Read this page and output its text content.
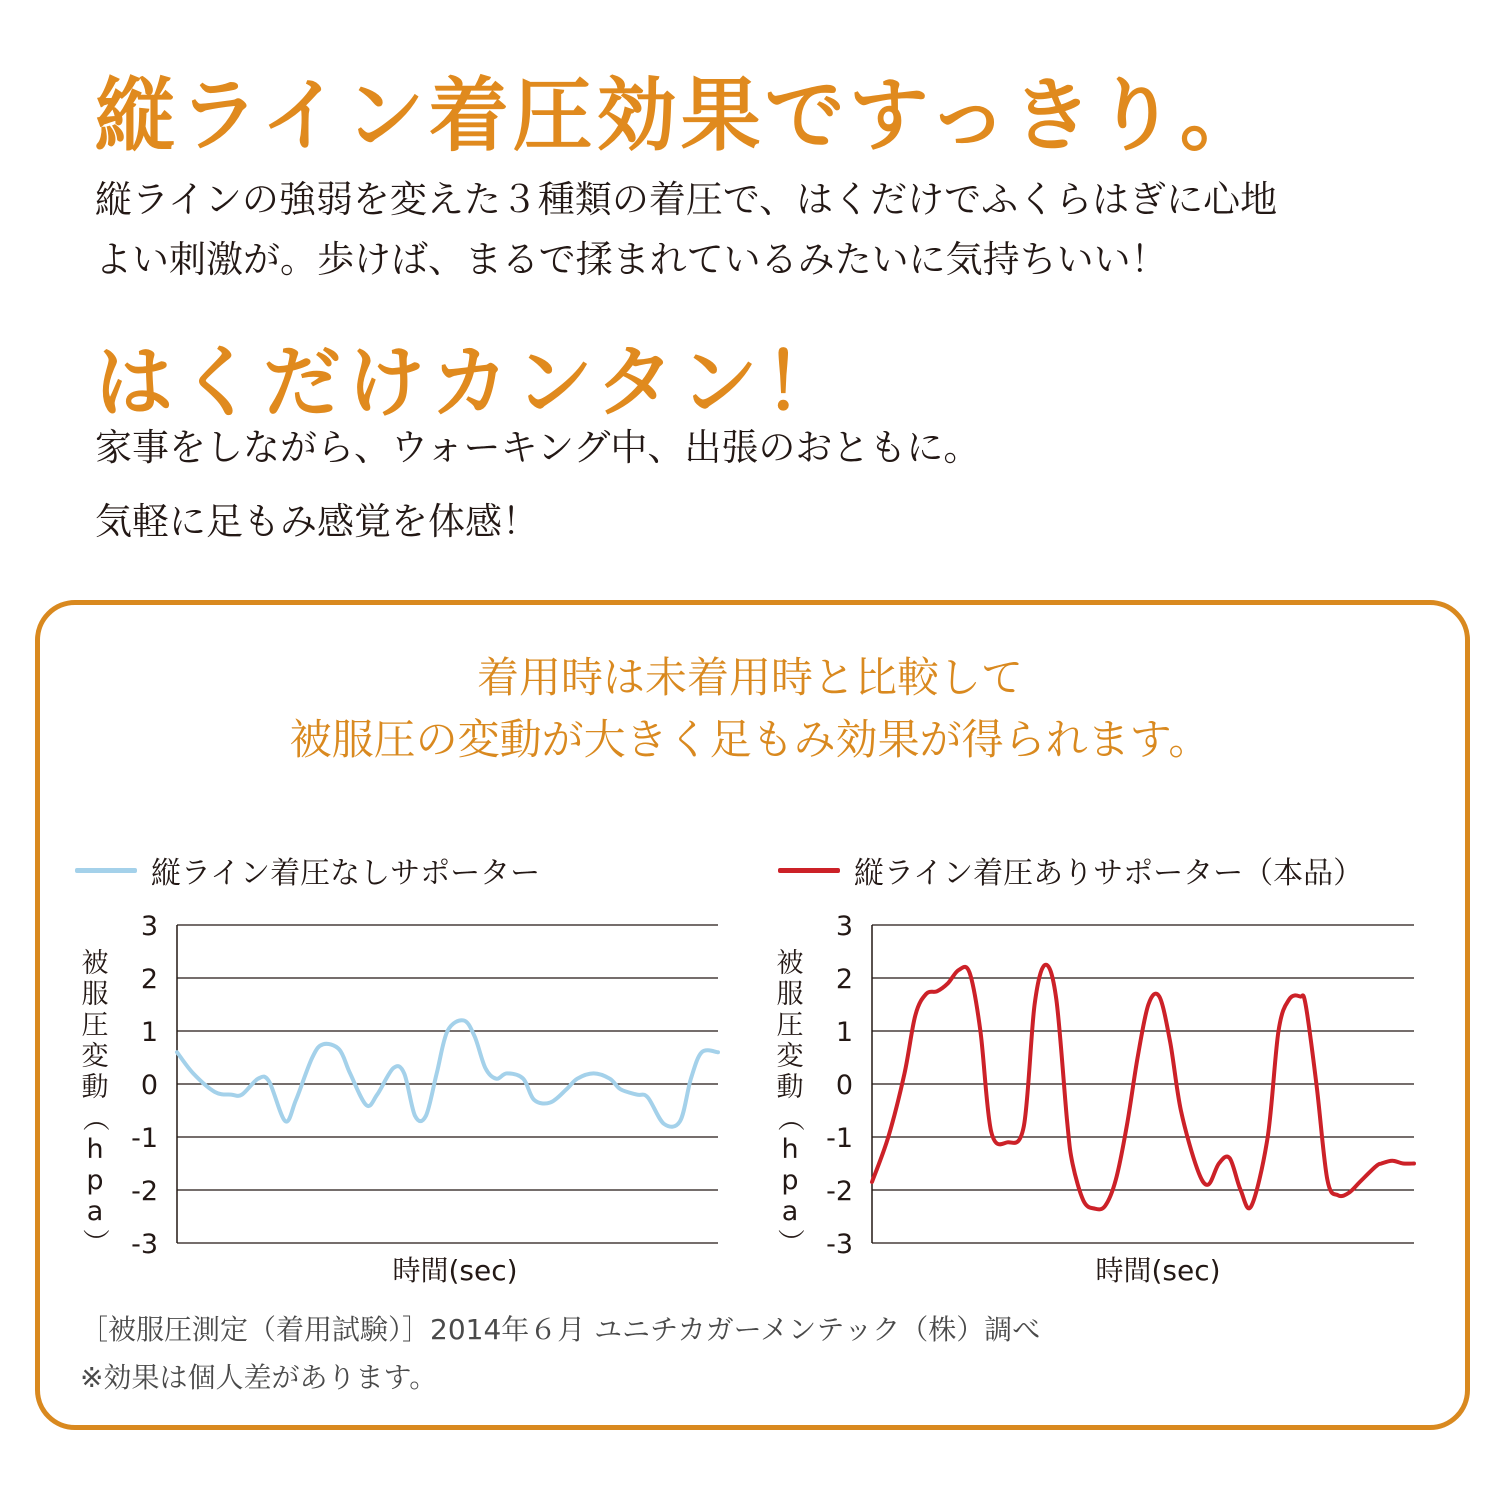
縦ライン着圧効果ですっきり。

縦ラインの強弱を変えた３種類の着圧で、はくだけでふくらはぎに心地
よい刺激が。歩けば、まるで揉まれているみたいに気持ちいい！

はくだけカンタン！

家事をしながら、ウォーキング中、出張のおともに。

気軽に足もみ感覚を体感！

着用時は未着用時と比較して

被服圧の変動が大きく足もみ効果が得られます。

縦ライン着圧なしサポーター	縦ライン着圧ありサポーター（本品）
3
2
1
0
-1
-2
-3
時間(sec)
被
服
圧
変
動
（
h
p
a
）
3
2
1
0
-1
-2
-3
時間(sec)
被
服
圧
変
動
（
h
p
a
）

［被服圧測定（着用試験）］2014年６月 ユニチカガーメンテック（株）調べ

※効果は個人差があります。
